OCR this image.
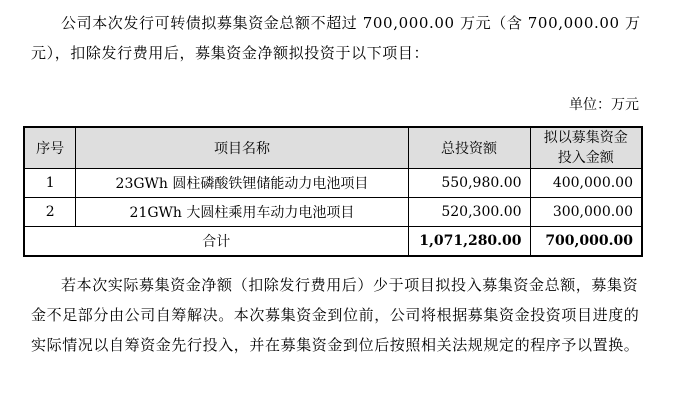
公司本次发行可转债拟募集资金总额不超过 700,000.00 万元（含 700,000.00 万元），扣除发行费用后，募集资金净额拟投资于以下项目：

单位：万元
序号	项目名称	总投资额	拟以募集资金投入金额
1	23GWh 圆柱磷酸铁锂储能动力电池项目	550,980.00	400,000.00
2	21GWh 大圆柱乘用车动力电池项目	520,300.00	300,000.00
合计		1,071,280.00	700,000.00

若本次实际募集资金净额（扣除发行费用后）少于项目拟投入募集资金总额，募集资金不足部分由公司自筹解决。本次募集资金到位前，公司将根据募集资金投资项目进度的实际情况以自筹资金先行投入，并在募集资金到位后按照相关法规规定的程序予以置换。
